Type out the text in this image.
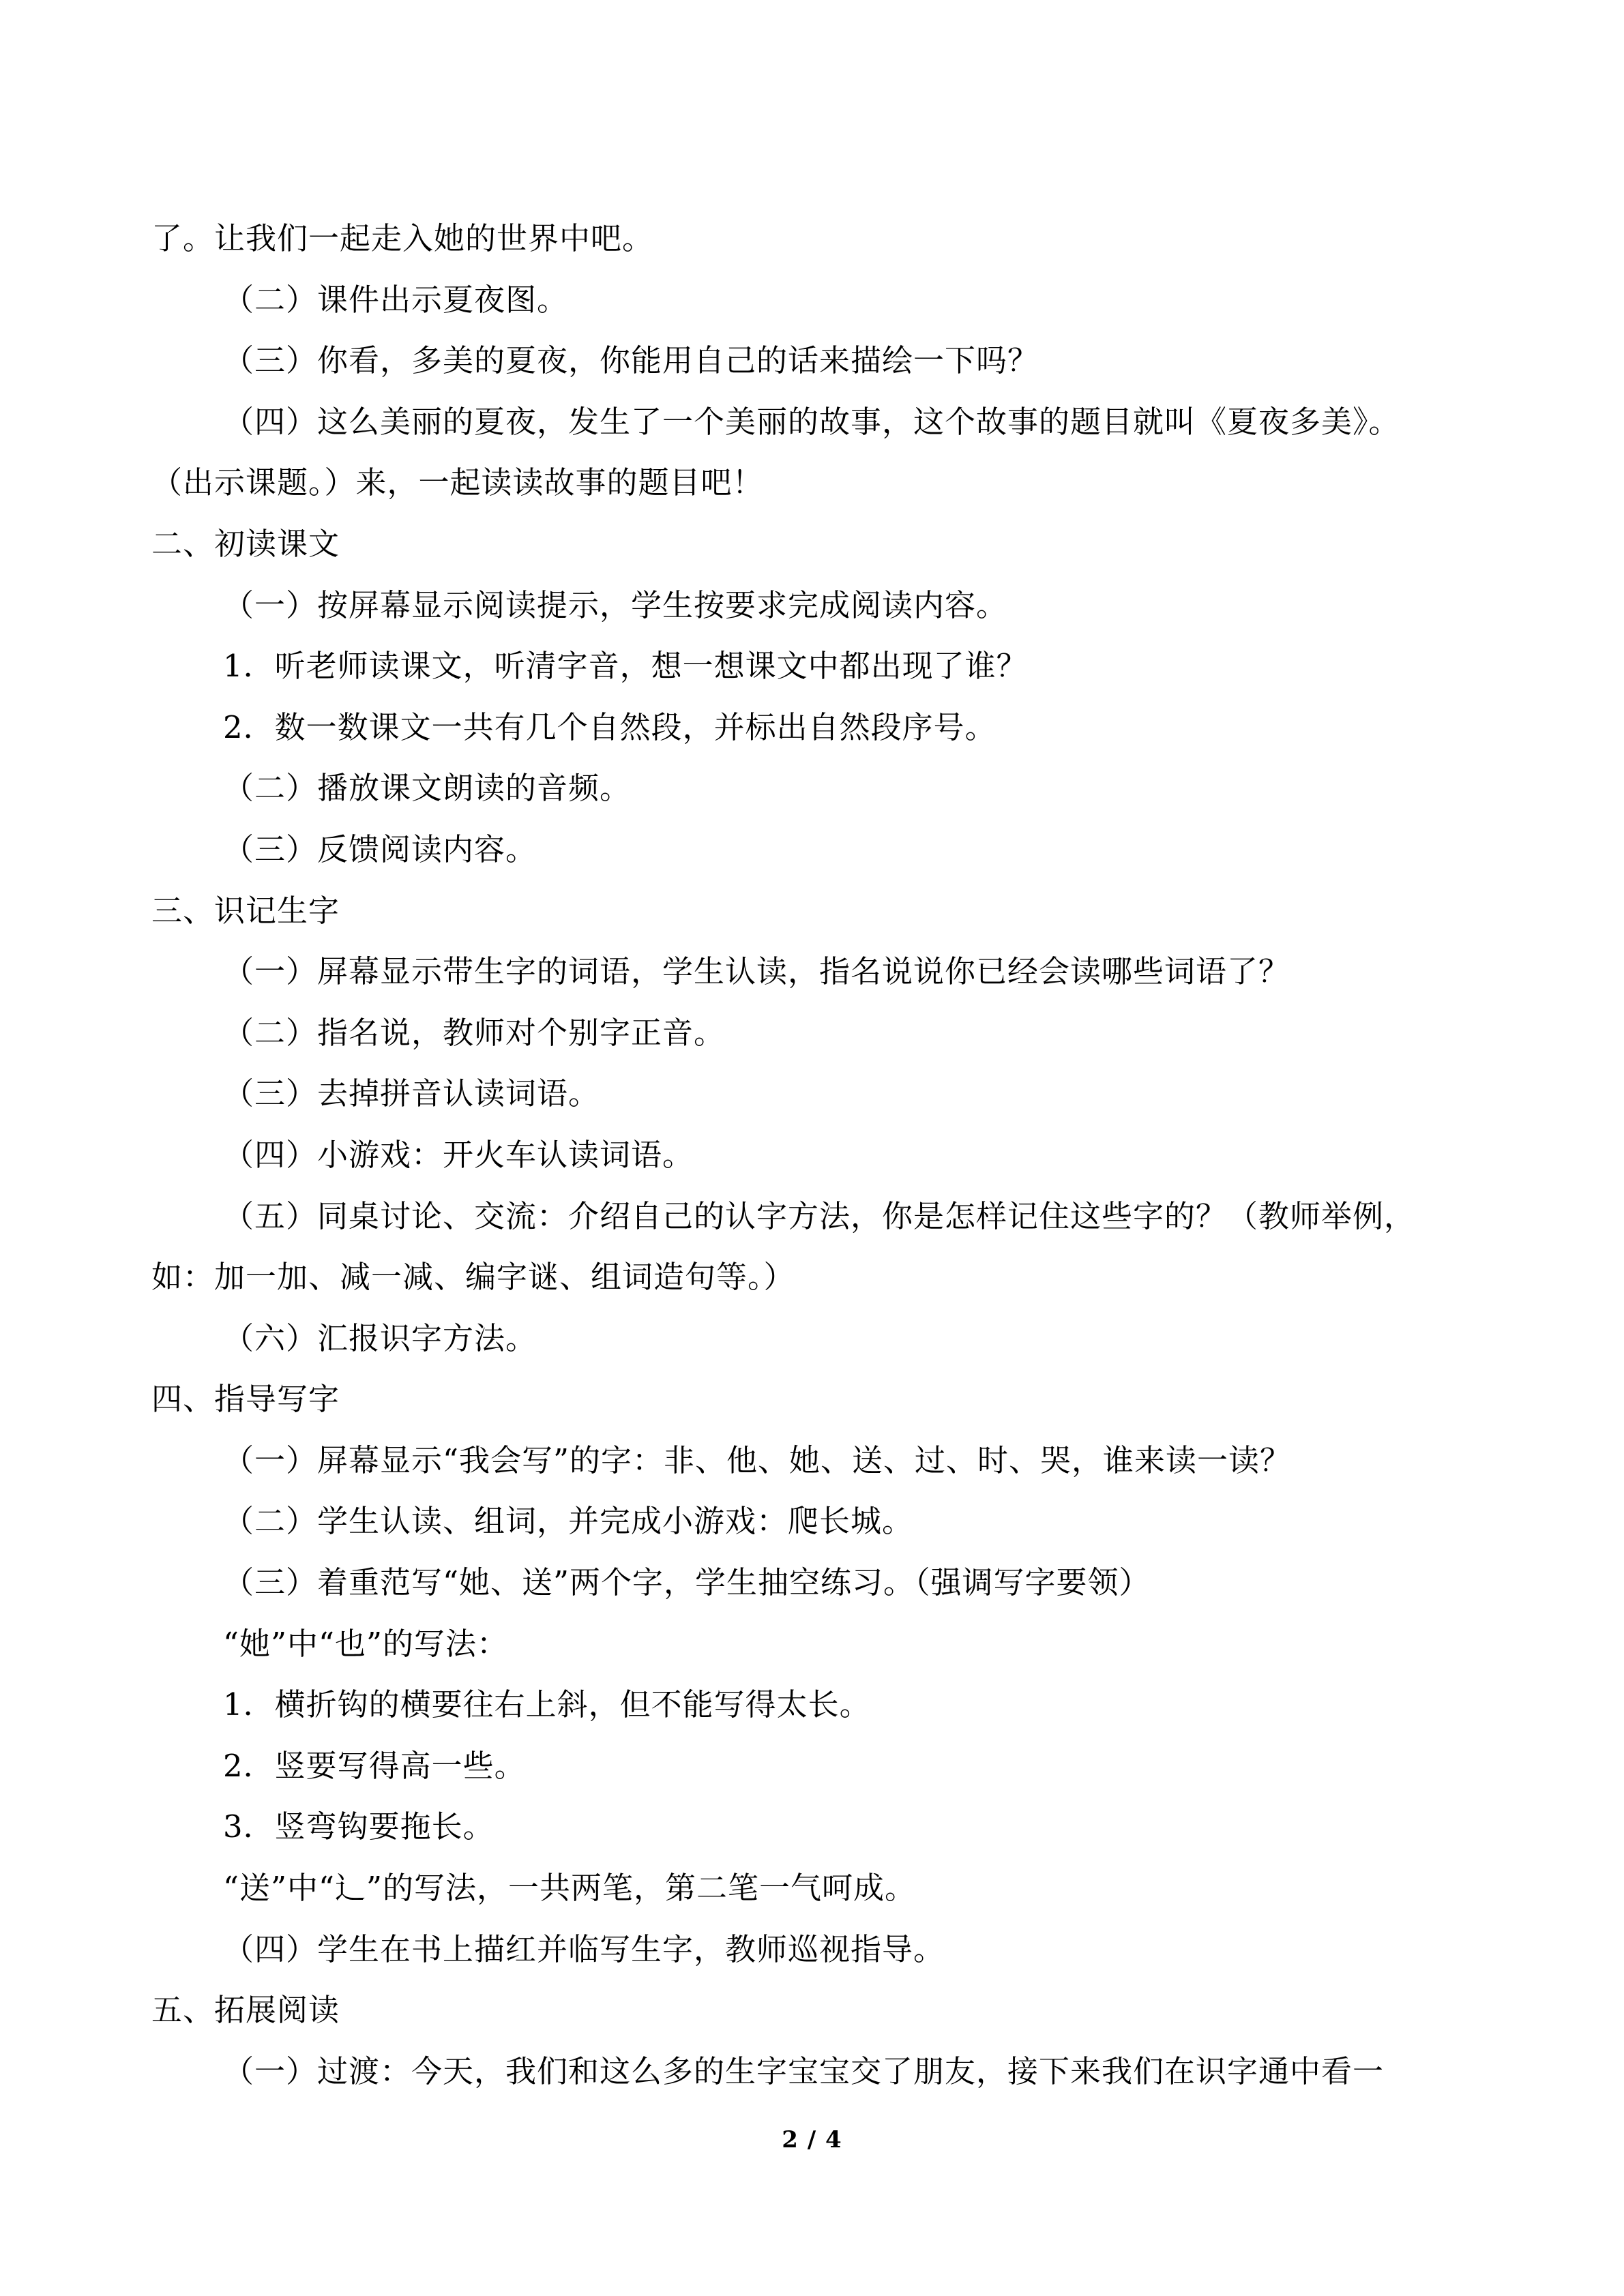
了。让我们一起走入她的世界中吧。
（二）课件出示夏夜图。
（三）你看，多美的夏夜，你能用自己的话来描绘一下吗？
（四）这么美丽的夏夜，发生了一个美丽的故事，这个故事的题目就叫《夏夜多美》。
（出示课题。）来，一起读读故事的题目吧！
二、初读课文
（一）按屏幕显示阅读提示，学生按要求完成阅读内容。
1．听老师读课文，听清字音，想一想课文中都出现了谁？
2．数一数课文一共有几个自然段，并标出自然段序号。
（二）播放课文朗读的音频。
（三）反馈阅读内容。
三、识记生字
（一）屏幕显示带生字的词语，学生认读，指名说说你已经会读哪些词语了？
（二）指名说，教师对个别字正音。
（三）去掉拼音认读词语。
（四）小游戏：开火车认读词语。
（五）同桌讨论、交流：介绍自己的认字方法，你是怎样记住这些字的？（教师举例，
如：加一加、减一减、编字谜、组词造句等。）
（六）汇报识字方法。
四、指导写字
（一）屏幕显示“我会写”的字：非、他、她、送、过、时、哭，谁来读一读？
（二）学生认读、组词，并完成小游戏：爬长城。
（三）着重范写“她、送”两个字，学生抽空练习。（强调写字要领）
“她”中“也”的写法：
1．横折钩的横要往右上斜，但不能写得太长。
2．竖要写得高一些。
3．竖弯钩要拖长。
“送”中“辶”的写法，一共两笔，第二笔一气呵成。
（四）学生在书上描红并临写生字，教师巡视指导。
五、拓展阅读
（一）过渡：今天，我们和这么多的生字宝宝交了朋友，接下来我们在识字通中看一
2 / 4
